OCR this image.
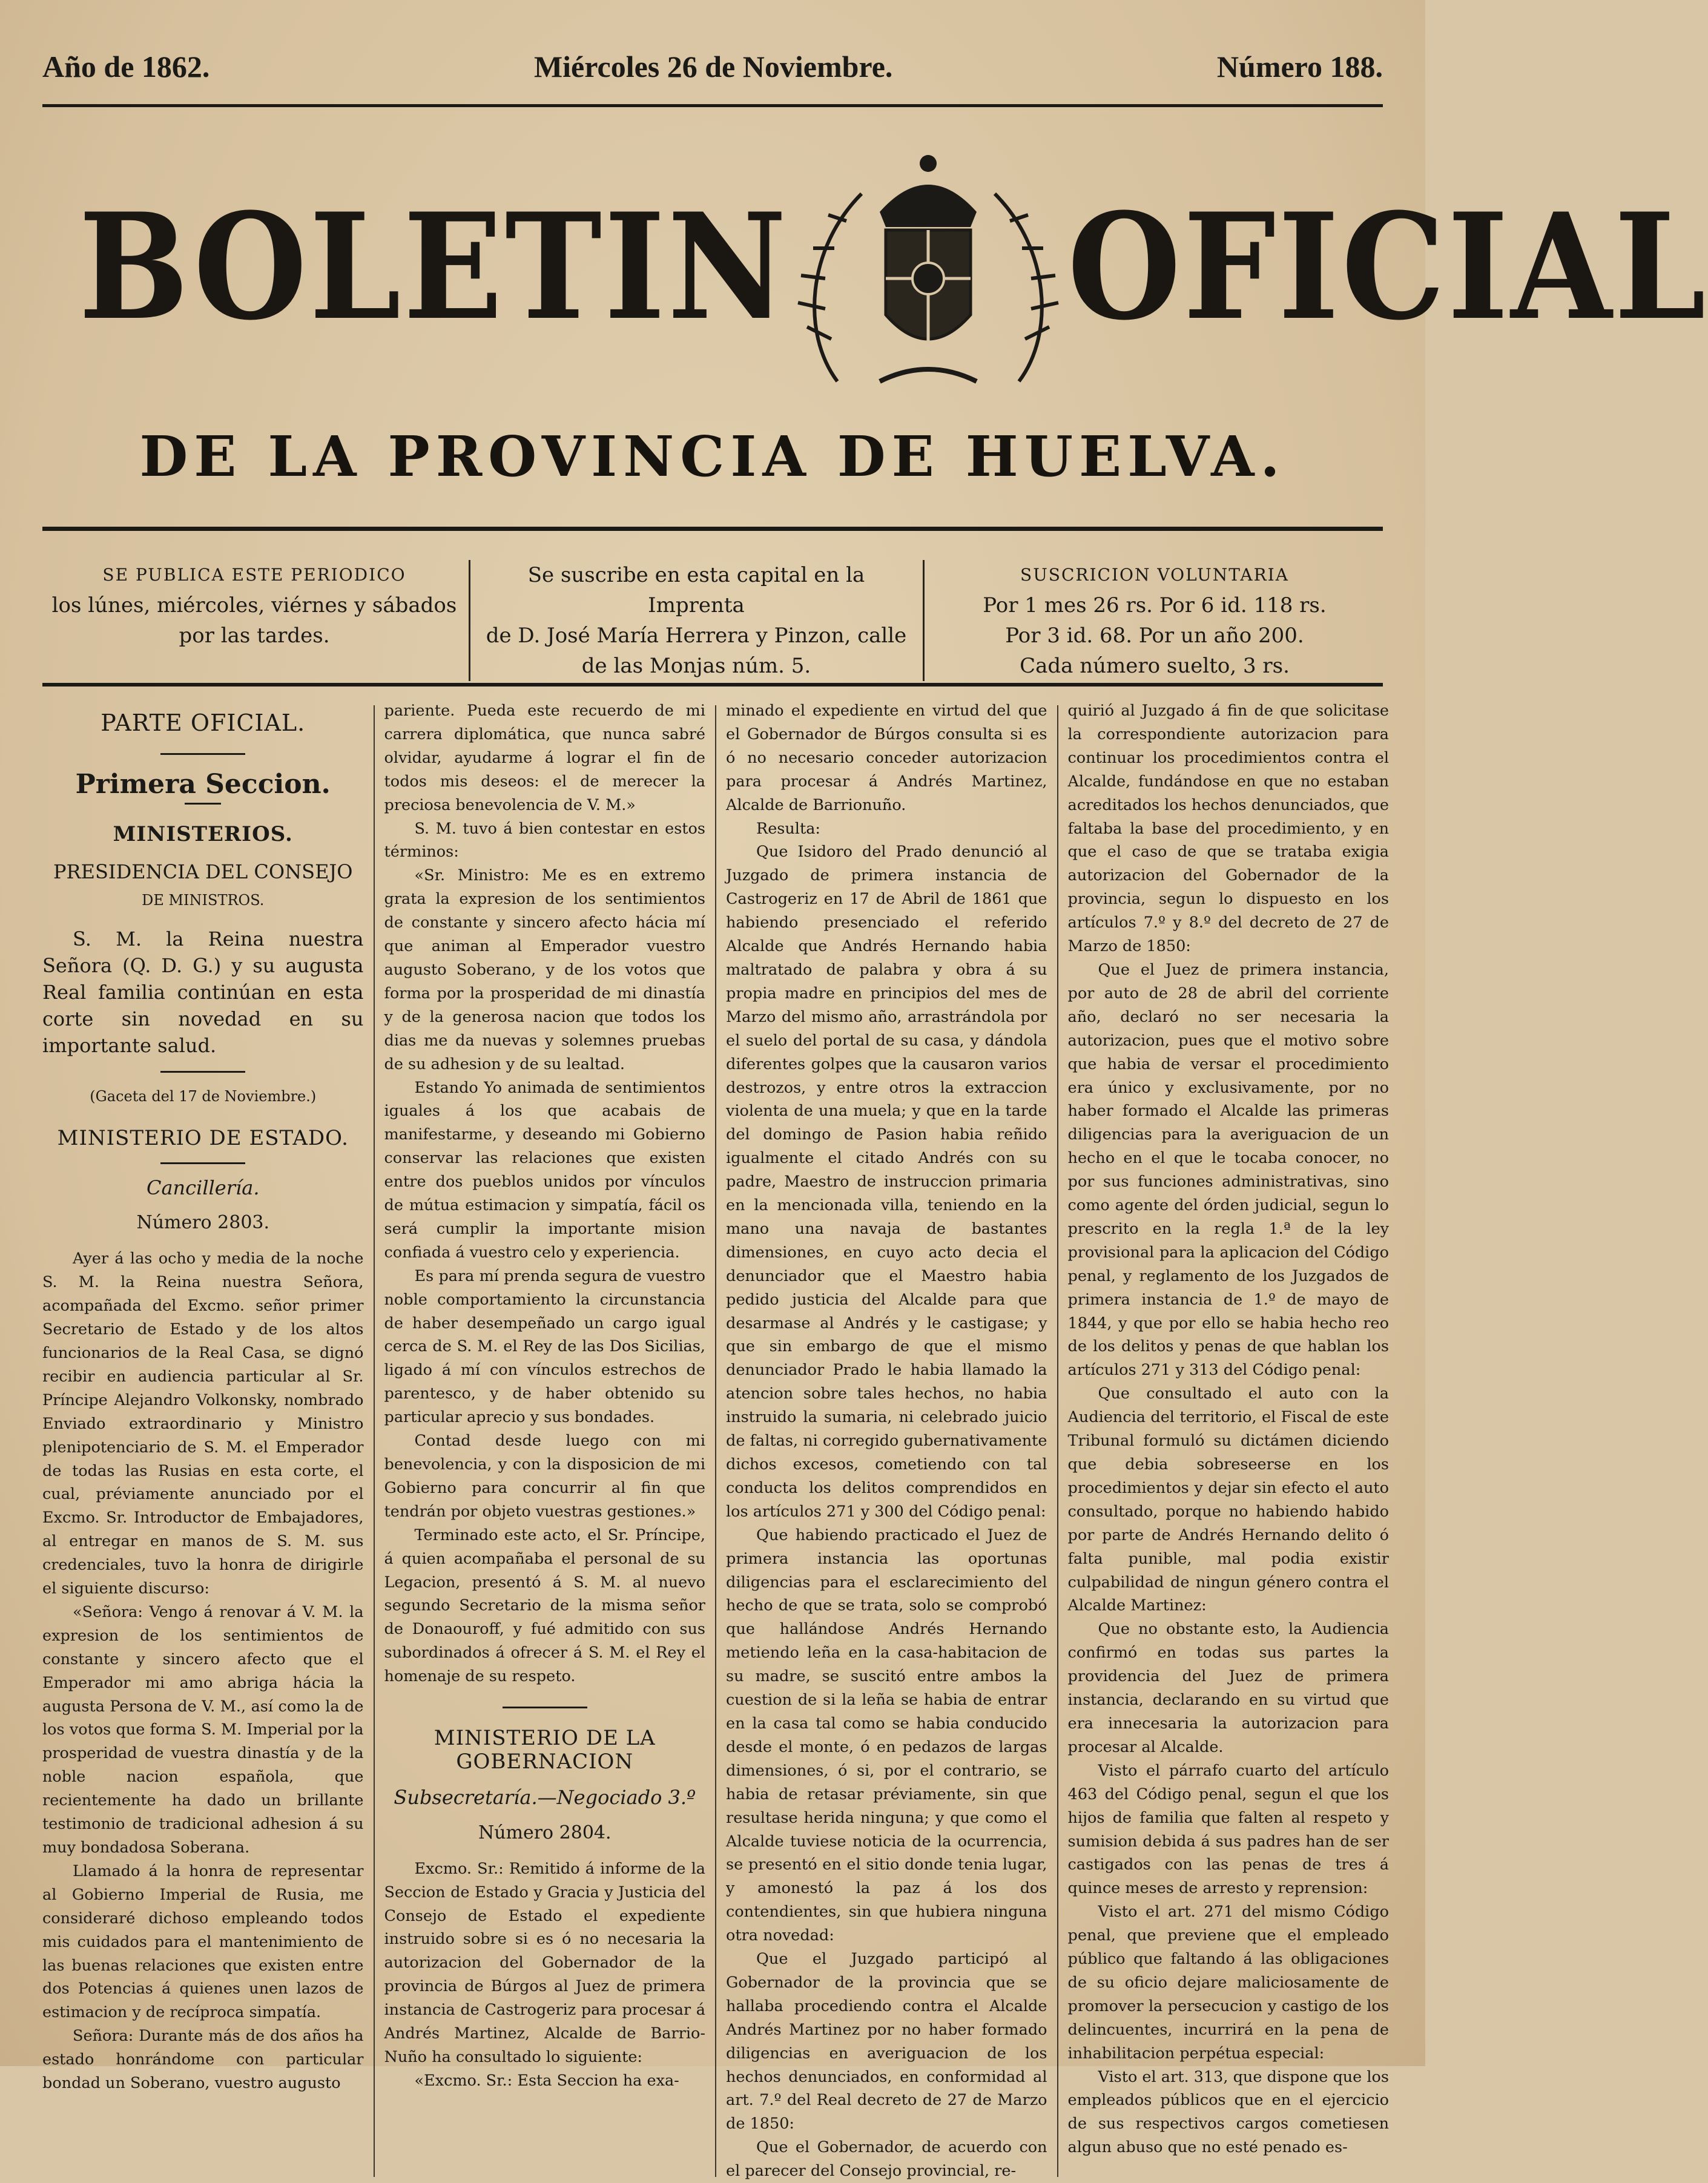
Año de 1862.	Miércoles 26 de Noviembre.	Número 188.
BOLETIN OFICIAL
DE LA PROVINCIA DE HUELVA.
SE PUBLICA ESTE PERIODICO
los lúnes, miércoles, viérnes y sábados
por las tardes.
Se suscribe en esta capital en la Imprenta
de D. José María Herrera y Pinzon, calle
de las Monjas núm. 5.
SUSCRICION VOLUNTARIA
Por 1 mes 26 rs. Por 6 id. 118 rs.
Por 3 id. 68. Por un año 200.
Cada número suelto, 3 rs.

PARTE OFICIAL.

Primera Seccion.

MINISTERIOS.

PRESIDENCIA DEL CONSEJO
DE MINISTROS.

S. M. la Reina nuestra Señora (Q. D. G.) y su augusta Real familia continúan en esta corte sin novedad en su importante salud.

(Gaceta del 17 de Noviembre.)

MINISTERIO DE ESTADO.

Cancillería.

Número 2803.

Ayer á las ocho y media de la noche S. M. la Reina nuestra Señora, acompañada del Excmo. señor primer Secretario de Estado y de los altos funcionarios de la Real Casa, se dignó recibir en audiencia particular al Sr. Príncipe Alejandro Volkonsky, nombrado Enviado extraordinario y Ministro plenipotenciario de S. M. el Emperador de todas las Rusias en esta corte, el cual, préviamente anunciado por el Excmo. Sr. Introductor de Embajadores, al entregar en manos de S. M. sus credenciales, tuvo la honra de dirigirle el siguiente discurso:

«Señora: Vengo á renovar á V. M. la expresion de los sentimientos de constante y sincero afecto que el Emperador mi amo abriga hácia la augusta Persona de V. M., así como la de los votos que forma S. M. Imperial por la prosperidad de vuestra dinastía y de la noble nacion española, que recientemente ha dado un brillante testimonio de tradicional adhesion á su muy bondadosa Soberana.

Llamado á la honra de representar al Gobierno Imperial de Rusia, me consideraré dichoso empleando todos mis cuidados para el mantenimiento de las buenas relaciones que existen entre dos Potencias á quienes unen lazos de estimacion y de recíproca simpatía.

Señora: Durante más de dos años ha estado honrándome con particular bondad un Soberano, vuestro augusto

pariente. Pueda este recuerdo de mi carrera diplomática, que nunca sabré olvidar, ayudarme á lograr el fin de todos mis deseos: el de merecer la preciosa benevolencia de V. M.»

S. M. tuvo á bien contestar en estos términos:

«Sr. Ministro: Me es en extremo grata la expresion de los sentimientos de constante y sincero afecto hácia mí que animan al Emperador vuestro augusto Soberano, y de los votos que forma por la prosperidad de mi dinastía y de la generosa nacion que todos los dias me da nuevas y solemnes pruebas de su adhesion y de su lealtad.

Estando Yo animada de sentimientos iguales á los que acabais de manifestarme, y deseando mi Gobierno conservar las relaciones que existen entre dos pueblos unidos por vínculos de mútua estimacion y simpatía, fácil os será cumplir la importante mision confiada á vuestro celo y experiencia.

Es para mí prenda segura de vuestro noble comportamiento la circunstancia de haber desempeñado un cargo igual cerca de S. M. el Rey de las Dos Sicilias, ligado á mí con vínculos estrechos de parentesco, y de haber obtenido su particular aprecio y sus bondades.

Contad desde luego con mi benevolencia, y con la disposicion de mi Gobierno para concurrir al fin que tendrán por objeto vuestras gestiones.»

Terminado este acto, el Sr. Príncipe, á quien acompañaba el personal de su Legacion, presentó á S. M. al nuevo segundo Secretario de la misma señor de Donaouroff, y fué admitido con sus subordinados á ofrecer á S. M. el Rey el homenaje de su respeto.

MINISTERIO DE LA GOBERNACION

Subsecretaría.—Negociado 3.º

Número 2804.

Excmo. Sr.: Remitido á informe de la Seccion de Estado y Gracia y Justicia del Consejo de Estado el expediente instruido sobre si es ó no necesaria la autorizacion del Gobernador de la provincia de Búrgos al Juez de primera instancia de Castrogeriz para procesar á Andrés Martinez, Alcalde de Barrio-Nuño ha consultado lo siguiente:

«Excmo. Sr.: Esta Seccion ha exa-

minado el expediente en virtud del que el Gobernador de Búrgos consulta si es ó no necesario conceder autorizacion para procesar á Andrés Martinez, Alcalde de Barrionuño.

Resulta:

Que Isidoro del Prado denunció al Juzgado de primera instancia de Castrogeriz en 17 de Abril de 1861 que habiendo presenciado el referido Alcalde que Andrés Hernando habia maltratado de palabra y obra á su propia madre en principios del mes de Marzo del mismo año, arrastrándola por el suelo del portal de su casa, y dándola diferentes golpes que la causaron varios destrozos, y entre otros la extraccion violenta de una muela; y que en la tarde del domingo de Pasion habia reñido igualmente el citado Andrés con su padre, Maestro de instruccion primaria en la mencionada villa, teniendo en la mano una navaja de bastantes dimensiones, en cuyo acto decia el denunciador que el Maestro habia pedido justicia del Alcalde para que desarmase al Andrés y le castigase; y que sin embargo de que el mismo denunciador Prado le habia llamado la atencion sobre tales hechos, no habia instruido la sumaria, ni celebrado juicio de faltas, ni corregido gubernativamente dichos excesos, cometiendo con tal conducta los delitos comprendidos en los artículos 271 y 300 del Código penal:

Que habiendo practicado el Juez de primera instancia las oportunas diligencias para el esclarecimiento del hecho de que se trata, solo se comprobó que hallándose Andrés Hernando metiendo leña en la casa-habitacion de su madre, se suscitó entre ambos la cuestion de si la leña se habia de entrar en la casa tal como se habia conducido desde el monte, ó en pedazos de largas dimensiones, ó si, por el contrario, se habia de retasar préviamente, sin que resultase herida ninguna; y que como el Alcalde tuviese noticia de la ocurrencia, se presentó en el sitio donde tenia lugar, y amonestó la paz á los dos contendientes, sin que hubiera ninguna otra novedad:

Que el Juzgado participó al Gobernador de la provincia que se hallaba procediendo contra el Alcalde Andrés Martinez por no haber formado diligencias en averiguacion de los hechos denunciados, en conformidad al art. 7.º del Real decreto de 27 de Marzo de 1850:

Que el Gobernador, de acuerdo con el parecer del Consejo provincial, re-

quirió al Juzgado á fin de que solicitase la correspondiente autorizacion para continuar los procedimientos contra el Alcalde, fundándose en que no estaban acreditados los hechos denunciados, que faltaba la base del procedimiento, y en que el caso de que se trataba exigia autorizacion del Gobernador de la provincia, segun lo dispuesto en los artículos 7.º y 8.º del decreto de 27 de Marzo de 1850:

Que el Juez de primera instancia, por auto de 28 de abril del corriente año, declaró no ser necesaria la autorizacion, pues que el motivo sobre que habia de versar el procedimiento era único y exclusivamente, por no haber formado el Alcalde las primeras diligencias para la averiguacion de un hecho en el que le tocaba conocer, no por sus funciones administrativas, sino como agente del órden judicial, segun lo prescrito en la regla 1.ª de la ley provisional para la aplicacion del Código penal, y reglamento de los Juzgados de primera instancia de 1.º de mayo de 1844, y que por ello se habia hecho reo de los delitos y penas de que hablan los artículos 271 y 313 del Código penal:

Que consultado el auto con la Audiencia del territorio, el Fiscal de este Tribunal formuló su dictámen diciendo que debia sobreseerse en los procedimientos y dejar sin efecto el auto consultado, porque no habiendo habido por parte de Andrés Hernando delito ó falta punible, mal podia existir culpabilidad de ningun género contra el Alcalde Martinez:

Que no obstante esto, la Audiencia confirmó en todas sus partes la providencia del Juez de primera instancia, declarando en su virtud que era innecesaria la autorizacion para procesar al Alcalde.

Visto el párrafo cuarto del artículo 463 del Código penal, segun el que los hijos de familia que falten al respeto y sumision debida á sus padres han de ser castigados con las penas de tres á quince meses de arresto y reprension:

Visto el art. 271 del mismo Código penal, que previene que el empleado público que faltando á las obligaciones de su oficio dejare maliciosamente de promover la persecucion y castigo de los delincuentes, incurrirá en la pena de inhabilitacion perpétua especial:

Visto el art. 313, que dispone que los empleados públicos que en el ejercicio de sus respectivos cargos cometiesen algun abuso que no esté penado es-
